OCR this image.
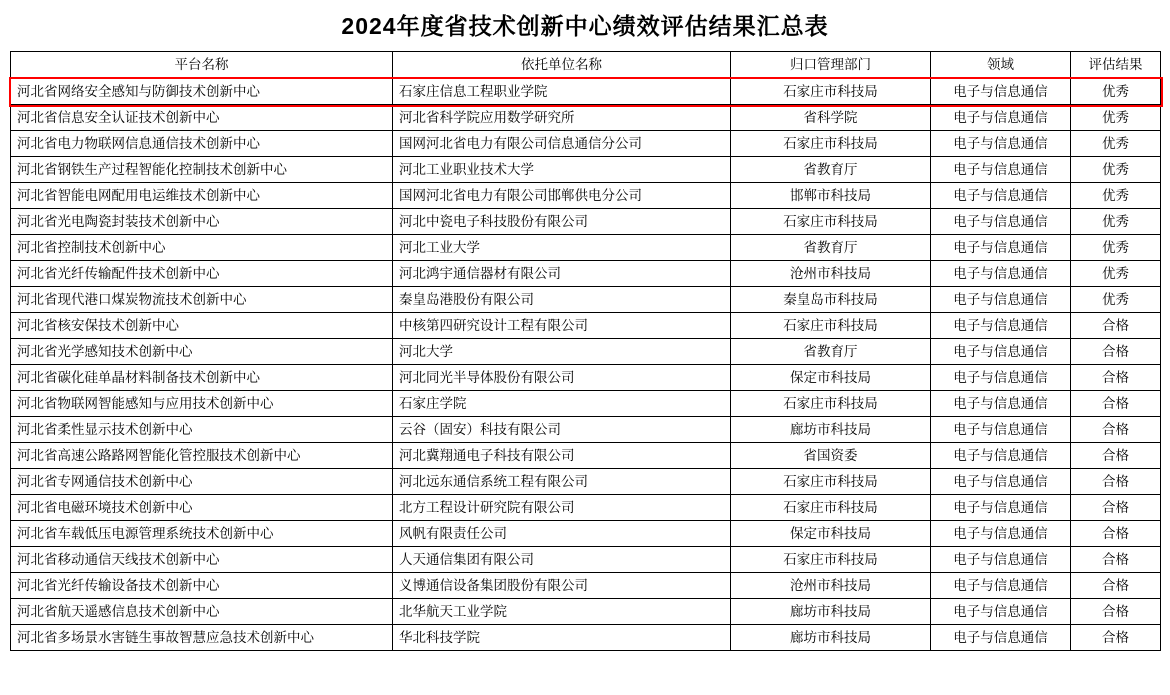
2024年度省技术创新中心绩效评估结果汇总表
平台名称	依托单位名称	归口管理部门	领域	评估结果
河北省网络安全感知与防御技术创新中心	石家庄信息工程职业学院	石家庄市科技局	电子与信息通信	优秀
河北省信息安全认证技术创新中心	河北省科学院应用数学研究所	省科学院	电子与信息通信	优秀
河北省电力物联网信息通信技术创新中心	国网河北省电力有限公司信息通信分公司	石家庄市科技局	电子与信息通信	优秀
河北省钢铁生产过程智能化控制技术创新中心	河北工业职业技术大学	省教育厅	电子与信息通信	优秀
河北省智能电网配用电运维技术创新中心	国网河北省电力有限公司邯郸供电分公司	邯郸市科技局	电子与信息通信	优秀
河北省光电陶瓷封装技术创新中心	河北中瓷电子科技股份有限公司	石家庄市科技局	电子与信息通信	优秀
河北省控制技术创新中心	河北工业大学	省教育厅	电子与信息通信	优秀
河北省光纤传输配件技术创新中心	河北鸿宇通信器材有限公司	沧州市科技局	电子与信息通信	优秀
河北省现代港口煤炭物流技术创新中心	秦皇岛港股份有限公司	秦皇岛市科技局	电子与信息通信	优秀
河北省核安保技术创新中心	中核第四研究设计工程有限公司	石家庄市科技局	电子与信息通信	合格
河北省光学感知技术创新中心	河北大学	省教育厅	电子与信息通信	合格
河北省碳化硅单晶材料制备技术创新中心	河北同光半导体股份有限公司	保定市科技局	电子与信息通信	合格
河北省物联网智能感知与应用技术创新中心	石家庄学院	石家庄市科技局	电子与信息通信	合格
河北省柔性显示技术创新中心	云谷（固安）科技有限公司	廊坊市科技局	电子与信息通信	合格
河北省高速公路路网智能化管控服技术创新中心	河北冀翔通电子科技有限公司	省国资委	电子与信息通信	合格
河北省专网通信技术创新中心	河北远东通信系统工程有限公司	石家庄市科技局	电子与信息通信	合格
河北省电磁环境技术创新中心	北方工程设计研究院有限公司	石家庄市科技局	电子与信息通信	合格
河北省车载低压电源管理系统技术创新中心	风帆有限责任公司	保定市科技局	电子与信息通信	合格
河北省移动通信天线技术创新中心	人天通信集团有限公司	石家庄市科技局	电子与信息通信	合格
河北省光纤传输设备技术创新中心	义博通信设备集团股份有限公司	沧州市科技局	电子与信息通信	合格
河北省航天遥感信息技术创新中心	北华航天工业学院	廊坊市科技局	电子与信息通信	合格
河北省多场景水害链生事故智慧应急技术创新中心	华北科技学院	廊坊市科技局	电子与信息通信	合格
